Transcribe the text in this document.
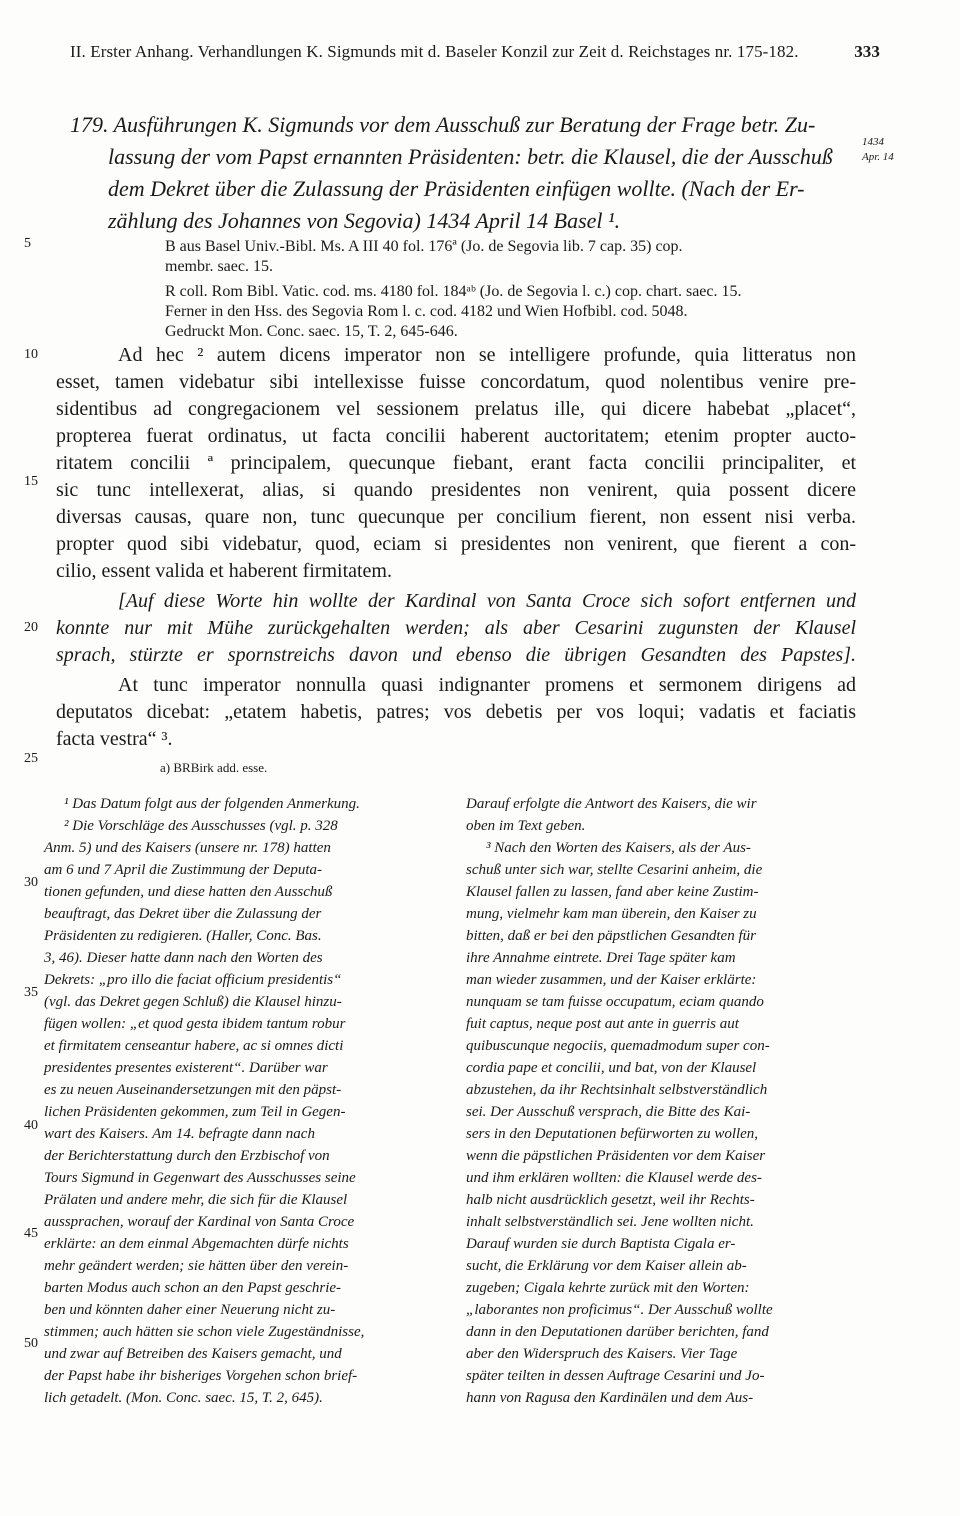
II. Erster Anhang. Verhandlungen K. Sigmunds mit d. Baseler Konzil zur Zeit d. Reichstages nr. 175-182.	333
1434
Apr. 14
5
10
15
20
25
30
35
40
45
50
179. Ausführungen K. Sigmunds vor dem Ausschuß zur Beratung der Frage betr. Zu-
lassung der vom Papst ernannten Präsidenten: betr. die Klausel, die der Ausschuß
dem Dekret über die Zulassung der Präsidenten einfügen wollte. (Nach der Er-
zählung des Johannes von Segovia) 1434 April 14 Basel ¹.
B aus Basel Univ.-Bibl. Ms. A III 40 fol. 176ª (Jo. de Segovia lib. 7 cap. 35) cop.
membr. saec. 15.
R coll. Rom Bibl. Vatic. cod. ms. 4180 fol. 184ᵃᵇ (Jo. de Segovia l. c.) cop. chart. saec. 15.
Ferner in den Hss. des Segovia Rom l. c. cod. 4182 und Wien Hofbibl. cod. 5048.
Gedruckt Mon. Conc. saec. 15, T. 2, 645-646.
Ad hec ² autem dicens imperator non se intelligere profunde, quia litteratus non
esset, tamen videbatur sibi intellexisse fuisse concordatum, quod nolentibus venire pre-
sidentibus ad congregacionem vel sessionem prelatus ille, qui dicere habebat „placet“,
propterea fuerat ordinatus, ut facta concilii haberent auctoritatem; etenim propter aucto-
ritatem concilii ª principalem, quecunque fiebant, erant facta concilii principaliter, et
sic tunc intellexerat, alias, si quando presidentes non venirent, quia possent dicere
diversas causas, quare non, tunc quecunque per concilium fierent, non essent nisi verba.
propter quod sibi videbatur, quod, eciam si presidentes non venirent, que fierent a con-
cilio, essent valida et haberent firmitatem.
[Auf diese Worte hin wollte der Kardinal von Santa Croce sich sofort entfernen und
konnte nur mit Mühe zurückgehalten werden; als aber Cesarini zugunsten der Klausel
sprach, stürzte er spornstreichs davon und ebenso die übrigen Gesandten des Papstes].
At tunc imperator nonnulla quasi indignanter promens et sermonem dirigens ad
deputatos dicebat: „etatem habetis, patres; vos debetis per vos loqui; vadatis et faciatis
facta vestra“ ³.
a) BRBirk add. esse.
¹ Das Datum folgt aus der folgenden Anmerkung.
² Die Vorschläge des Ausschusses (vgl. p. 328
Anm. 5) und des Kaisers (unsere nr. 178) hatten
am 6 und 7 April die Zustimmung der Deputa-
tionen gefunden, und diese hatten den Ausschuß
beauftragt, das Dekret über die Zulassung der
Präsidenten zu redigieren. (Haller, Conc. Bas.
3, 46). Dieser hatte dann nach den Worten des
Dekrets: „pro illo die faciat officium presidentis“
(vgl. das Dekret gegen Schluß) die Klausel hinzu-
fügen wollen: „et quod gesta ibidem tantum robur
et firmitatem censeantur habere, ac si omnes dicti
presidentes presentes existerent“. Darüber war
es zu neuen Auseinandersetzungen mit den päpst-
lichen Präsidenten gekommen, zum Teil in Gegen-
wart des Kaisers. Am 14. befragte dann nach
der Berichterstattung durch den Erzbischof von
Tours Sigmund in Gegenwart des Ausschusses seine
Prälaten und andere mehr, die sich für die Klausel
aussprachen, worauf der Kardinal von Santa Croce
erklärte: an dem einmal Abgemachten dürfe nichts
mehr geändert werden; sie hätten über den verein-
barten Modus auch schon an den Papst geschrie-
ben und könnten daher einer Neuerung nicht zu-
stimmen; auch hätten sie schon viele Zugeständnisse,
und zwar auf Betreiben des Kaisers gemacht, und
der Papst habe ihr bisheriges Vorgehen schon brief-
lich getadelt. (Mon. Conc. saec. 15, T. 2, 645).
Darauf erfolgte die Antwort des Kaisers, die wir
oben im Text geben.
³ Nach den Worten des Kaisers, als der Aus-
schuß unter sich war, stellte Cesarini anheim, die
Klausel fallen zu lassen, fand aber keine Zustim-
mung, vielmehr kam man überein, den Kaiser zu
bitten, daß er bei den päpstlichen Gesandten für
ihre Annahme eintrete. Drei Tage später kam
man wieder zusammen, und der Kaiser erklärte:
nunquam se tam fuisse occupatum, eciam quando
fuit captus, neque post aut ante in guerris aut
quibuscunque negociis, quemadmodum super con-
cordia pape et concilii, und bat, von der Klausel
abzustehen, da ihr Rechtsinhalt selbstverständlich
sei. Der Ausschuß versprach, die Bitte des Kai-
sers in den Deputationen befürworten zu wollen,
wenn die päpstlichen Präsidenten vor dem Kaiser
und ihm erklären wollten: die Klausel werde des-
halb nicht ausdrücklich gesetzt, weil ihr Rechts-
inhalt selbstverständlich sei. Jene wollten nicht.
Darauf wurden sie durch Baptista Cigala er-
sucht, die Erklärung vor dem Kaiser allein ab-
zugeben; Cigala kehrte zurück mit den Worten:
„laborantes non proficimus“. Der Ausschuß wollte
dann in den Deputationen darüber berichten, fand
aber den Widerspruch des Kaisers. Vier Tage
später teilten in dessen Auftrage Cesarini und Jo-
hann von Ragusa den Kardinälen und dem Aus-
